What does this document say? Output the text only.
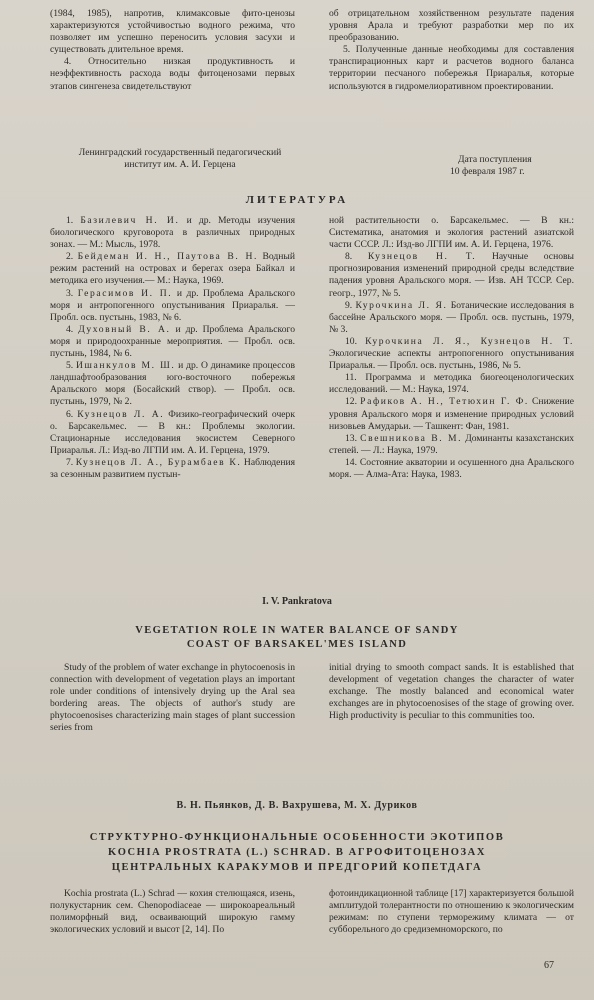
(1984, 1985), напротив, климаксовые фито-ценозы характеризуются устойчивостью водного режима, что позволяет им успешно переносить условия засухи и существовать длительное время.

4. Относительно низкая продуктивность и неэффективность расхода воды фитоценозами первых этапов сингенеза свидетельствуют

об отрицательном хозяйственном результате падения уровня Арала и требуют разработки мер по их преобразованию.

5. Полученные данные необходимы для составления транспирационных карт и расчетов водного баланса территории песчаного побережья Приаралья, которые используются в гидромелиоративном проектировании.

Ленинградский государственный педагогический
институт им. А. И. Герцена	Дата поступления
10 февраля 1987 г.
ЛИТЕРАТУРА

1. Базилевич Н. И. и др. Методы изучения биологического круговорота в различных природных зонах. — М.: Мысль, 1978.

2. Бейдеман И. Н., Паутова В. Н. Водный режим растений на островах и берегах озера Байкал и методика его изучения.— М.: Наука, 1969.

3. Герасимов И. П. и др. Проблема Аральского моря и антропогенного опустынивания Приаралья. — Пробл. осв. пустынь, 1983, № 6.

4. Духовный В. А. и др. Проблема Аральского моря и природоохранные мероприятия. — Пробл. осв. пустынь, 1984, № 6.

5. Ишанкулов М. Ш. и др. О динамике процессов ландшафтообразования юго-восточного побережья Аральского моря (Босайский створ). — Пробл. осв. пустынь, 1979, № 2.

6. Кузнецов Л. А. Физико-географический очерк о. Барсакельмес. — В кн.: Проблемы экологии. Стационарные исследования экосистем Северного Приаралья. Л.: Изд-во ЛГПИ им. А. И. Герцена, 1979.

7. Кузнецов Л. А., Бурамбаев К. Наблюдения за сезонным развитием пустын-

ной растительности о. Барсакельмес. — В кн.: Систематика, анатомия и экология растений азиатской части СССР. Л.: Изд-во ЛГПИ им. А. И. Герцена, 1976.

8. Кузнецов Н. Т. Научные основы прогнозирования изменений природной среды вследствие падения уровня Аральского моря. — Изв. АН ТССР. Сер. геогр., 1977, № 5.

9. Курочкина Л. Я. Ботанические исследования в бассейне Аральского моря. — Пробл. осв. пустынь, 1979, № 3.

10. Курочкина Л. Я., Кузнецов Н. Т. Экологические аспекты антропогенного опустынивания Приаралья. — Пробл. осв. пустынь, 1986, № 5.

11. Программа и методика биогеоценологических исследований. — М.: Наука, 1974.

12. Рафиков А. Н., Тетюхин Г. Ф. Снижение уровня Аральского моря и изменение природных условий низовьев Амударьи. — Ташкент: Фан, 1981.

13. Свешникова В. М. Доминанты казахстанских степей. — Л.: Наука, 1979.

14. Состояние акватории и осушенного дна Аральского моря. — Алма-Ата: Наука, 1983.

I. V. Pankratova
VEGETATION ROLE IN WATER BALANCE OF SANDY
COAST OF BARSAKEL'MES ISLAND

Study of the problem of water exchange in phytocoenosis in connection with development of vegetation plays an important role under conditions of intensively drying up the Aral sea bordering areas. The objects of author's study are phytocoenosises characterizing main stages of plant succession series from

initial drying to smooth compact sands. It is established that development of vegetation changes the character of water exchange. The mostly balanced and economical water exchanges are in phytocoenosises of the stage of growing over. High productivity is peculiar to this communities too.

В. Н. Пьянков, Д. В. Вахрушева, М. Х. Дуриков
СТРУКТУРНО-ФУНКЦИОНАЛЬНЫЕ ОСОБЕННОСТИ ЭКОТИПОВ
KOCHIA PROSTRATA (L.) SCHRAD. В АГРОФИТОЦЕНОЗАХ
ЦЕНТРАЛЬНЫХ КАРАКУМОВ И ПРЕДГОРИЙ КОПЕТДАГА

Kochia prostrata (L.) Schrad — кохия стелющаяся, изень, полукустарник сем. Chenopodiaceae — широкоареальный полиморфный вид, осваивающий широкую гамму экологических условий и высот [2, 14]. По

фотоиндикационной таблице [17] характеризуется большой амплитудой толерантности по отношению к экологическим режимам: по ступени терморежиму климата — от субборельного до средиземноморского, по

67
